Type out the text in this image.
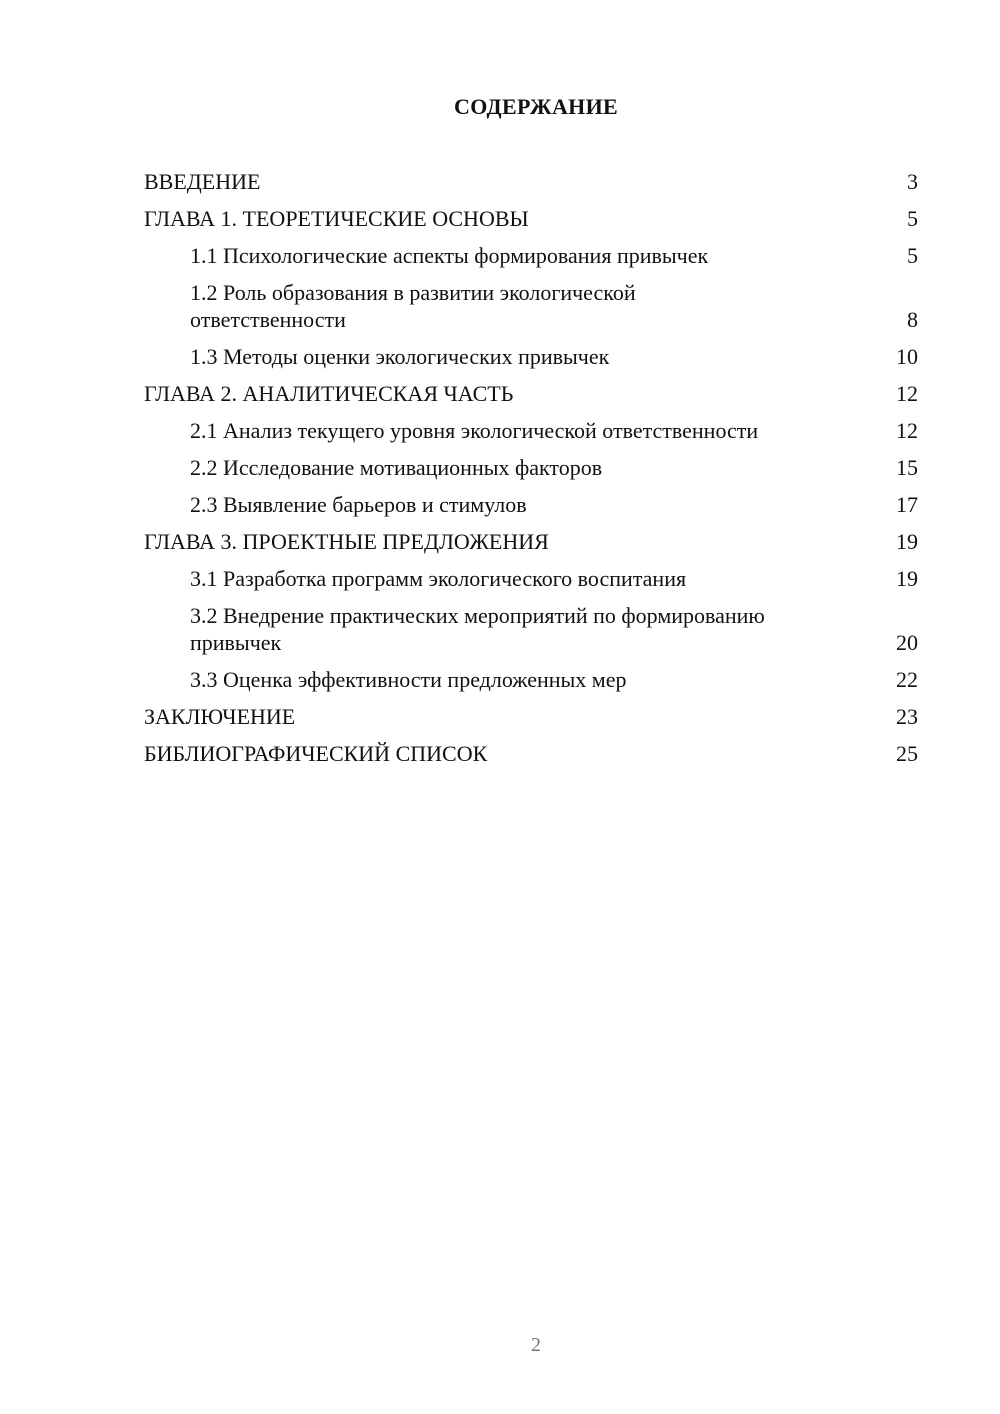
СОДЕРЖАНИЕ
ВВЕДЕНИЕ	3
ГЛАВА 1. ТЕОРЕТИЧЕСКИЕ ОСНОВЫ	5
1.1 Психологические аспекты формирования привычек	5
1.2 Роль образования в развитии экологической ответственности	8
1.3 Методы оценки экологических привычек	10
ГЛАВА 2. АНАЛИТИЧЕСКАЯ ЧАСТЬ	12
2.1 Анализ текущего уровня экологической ответственности	12
2.2 Исследование мотивационных факторов	15
2.3 Выявление барьеров и стимулов	17
ГЛАВА 3. ПРОЕКТНЫЕ ПРЕДЛОЖЕНИЯ	19
3.1 Разработка программ экологического воспитания	19
3.2 Внедрение практических мероприятий по формированию привычек	20
3.3 Оценка эффективности предложенных мер	22
ЗАКЛЮЧЕНИЕ	23
БИБЛИОГРАФИЧЕСКИЙ СПИСОК	25
2
